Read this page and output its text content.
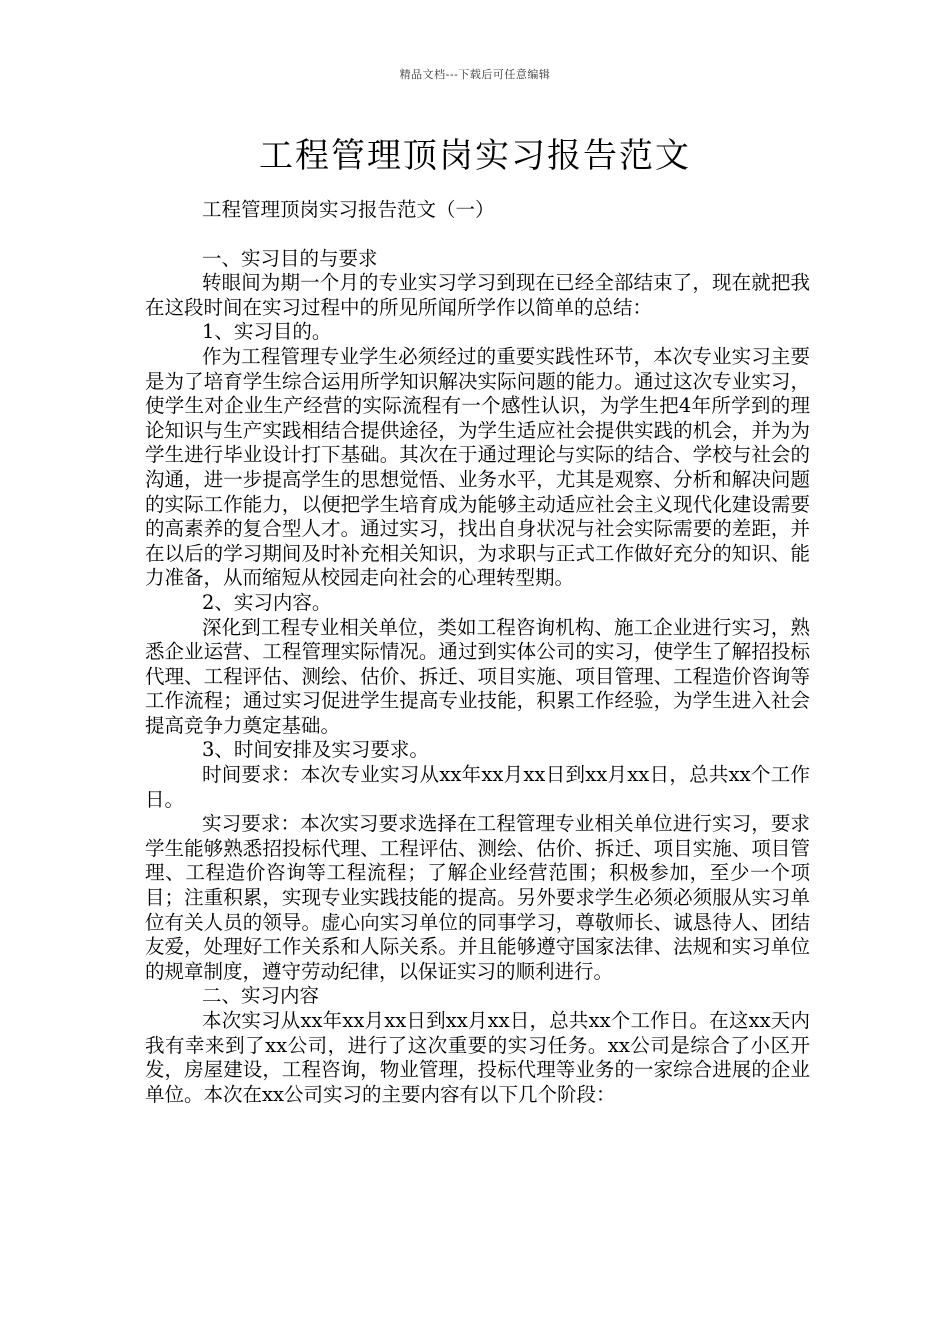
精品文档---下载后可任意编辑
工程管理顶岗实习报告范文

工程管理顶岗实习报告范文（一）

一、实习目的与要求

转眼间为期一个月的专业实习学习到现在已经全部结束了，现在就把我在这段时间在实习过程中的所见所闻所学作以简单的总结：

1、实习目的。

作为工程管理专业学生必须经过的重要实践性环节，本次专业实习主要是为了培育学生综合运用所学知识解决实际问题的能力。通过这次专业实习，使学生对企业生产经营的实际流程有一个感性认识，为学生把4年所学到的理论知识与生产实践相结合提供途径，为学生适应社会提供实践的机会，并为为学生进行毕业设计打下基础。其次在于通过理论与实际的结合、学校与社会的沟通，进一步提高学生的思想觉悟、业务水平，尤其是观察、分析和解决问题的实际工作能力，以便把学生培育成为能够主动适应社会主义现代化建设需要的高素养的复合型人才。通过实习，找出自身状况与社会实际需要的差距，并在以后的学习期间及时补充相关知识，为求职与正式工作做好充分的知识、能力准备，从而缩短从校园走向社会的心理转型期。

2、实习内容。

深化到工程专业相关单位，类如工程咨询机构、施工企业进行实习，熟悉企业运营、工程管理实际情况。通过到实体公司的实习，使学生了解招投标代理、工程评估、测绘、估价、拆迁、项目实施、项目管理、工程造价咨询等工作流程；通过实习促进学生提高专业技能，积累工作经验，为学生进入社会提高竞争力奠定基础。

3、时间安排及实习要求。

时间要求：本次专业实习从xx年xx月xx日到xx月xx日，总共xx个工作日。

实习要求：本次实习要求选择在工程管理专业相关单位进行实习，要求学生能够熟悉招投标代理、工程评估、测绘、估价、拆迁、项目实施、项目管理、工程造价咨询等工程流程；了解企业经营范围；积极参加，至少一个项目；注重积累，实现专业实践技能的提高。另外要求学生必须必须服从实习单位有关人员的领导。虚心向实习单位的同事学习，尊敬师长、诚恳待人、团结友爱，处理好工作关系和人际关系。并且能够遵守国家法律、法规和实习单位的规章制度，遵守劳动纪律，以保证实习的顺利进行。

二、实习内容

本次实习从xx年xx月xx日到xx月xx日，总共xx个工作日。在这xx天内我有幸来到了xx公司，进行了这次重要的实习任务。xx公司是综合了小区开发，房屋建设，工程咨询，物业管理，投标代理等业务的一家综合进展的企业单位。本次在xx公司实习的主要内容有以下几个阶段：
